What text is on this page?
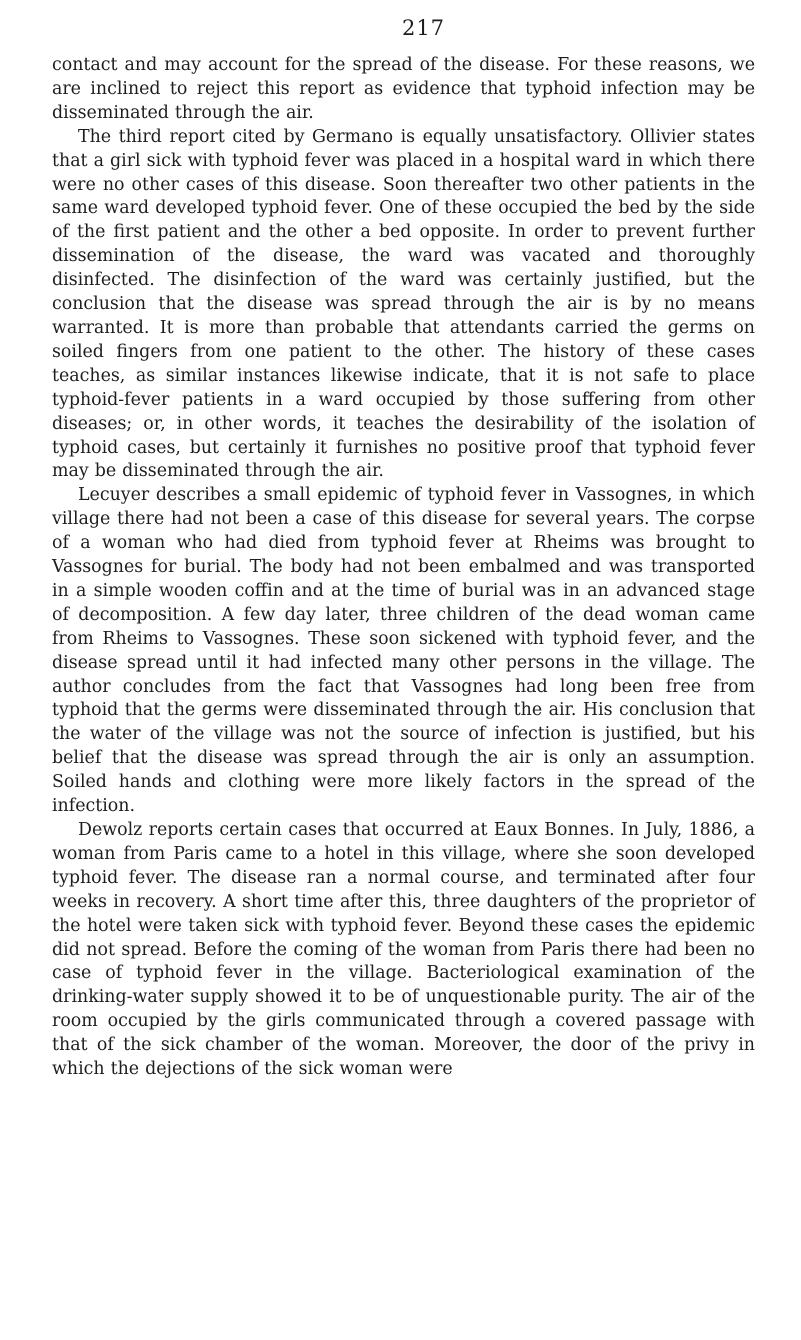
217

contact and may account for the spread of the disease. For these reasons, we are inclined to reject this report as evidence that typhoid infection may be disseminated through the air.

The third report cited by Germano is equally unsatisfactory. Ollivier states that a girl sick with typhoid fever was placed in a hospital ward in which there were no other cases of this disease. Soon thereafter two other patients in the same ward developed typhoid fever. One of these occupied the bed by the side of the first patient and the other a bed opposite. In order to prevent further dissemination of the disease, the ward was vacated and thoroughly disinfected. The disinfection of the ward was certainly justified, but the conclusion that the disease was spread through the air is by no means warranted. It is more than probable that attendants carried the germs on soiled fingers from one patient to the other. The history of these cases teaches, as similar instances likewise indicate, that it is not safe to place typhoid-fever patients in a ward occupied by those suffering from other diseases; or, in other words, it teaches the desirability of the isolation of typhoid cases, but certainly it furnishes no positive proof that typhoid fever may be disseminated through the air.

Lecuyer describes a small epidemic of typhoid fever in Vassognes, in which village there had not been a case of this disease for several years. The corpse of a woman who had died from typhoid fever at Rheims was brought to Vassognes for burial. The body had not been embalmed and was transported in a simple wooden coffin and at the time of burial was in an advanced stage of decomposition. A few day later, three children of the dead woman came from Rheims to Vassognes. These soon sickened with typhoid fever, and the disease spread until it had infected many other persons in the village. The author concludes from the fact that Vassognes had long been free from typhoid that the germs were disseminated through the air. His conclusion that the water of the village was not the source of infection is justified, but his belief that the disease was spread through the air is only an assumption. Soiled hands and clothing were more likely factors in the spread of the infection.

Dewolz reports certain cases that occurred at Eaux Bonnes. In July, 1886, a woman from Paris came to a hotel in this village, where she soon developed typhoid fever. The disease ran a normal course, and terminated after four weeks in recovery. A short time after this, three daughters of the proprietor of the hotel were taken sick with typhoid fever. Beyond these cases the epidemic did not spread. Before the coming of the woman from Paris there had been no case of typhoid fever in the village. Bacteriological examination of the drinking-water supply showed it to be of unquestionable purity. The air of the room occupied by the girls communicated through a covered passage with that of the sick chamber of the woman. Moreover, the door of the privy in which the dejections of the sick woman were
